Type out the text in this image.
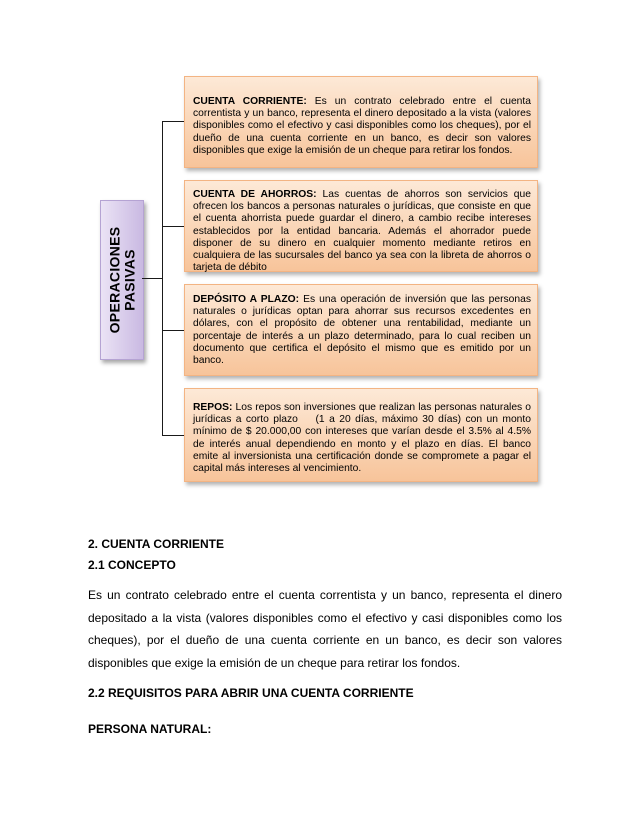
OPERACIONES
PASIVAS
CUENTA CORRIENTE: Es un contrato celebrado entre el cuenta correntista y un banco, representa el dinero depositado a la vista (valores disponibles como el efectivo y casi disponibles como los cheques), por el dueño de una cuenta corriente en un banco, es decir son valores disponibles que exige la emisión de un cheque para retirar los fondos.
CUENTA DE AHORROS: Las cuentas de ahorros son servicios que ofrecen los bancos a personas naturales o jurídicas, que consiste en que el cuenta ahorrista puede guardar el dinero, a cambio recibe intereses establecidos por la entidad bancaria. Además el ahorrador puede disponer de su dinero en cualquier momento mediante retiros en cualquiera de las sucursales del banco ya sea con la libreta de ahorros o tarjeta de débito
DEPÓSITO A PLAZO: Es una operación de inversión que las personas naturales o jurídicas optan para ahorrar sus recursos excedentes en dólares, con el propósito de obtener una rentabilidad, mediante un porcentaje de interés a un plazo determinado, para lo cual reciben un documento que certifica el depósito el mismo que es emitido por un banco.
REPOS: Los repos son inversiones que realizan las personas naturales o jurídicas a corto plazo    (1 a 20 días, máximo 30 días) con un monto mínimo de $ 20.000,00 con intereses que varían desde el 3.5% al 4.5% de interés anual dependiendo en monto y el plazo en días. El banco emite al inversionista una certificación donde se compromete a pagar el capital más intereses al vencimiento.
2. CUENTA CORRIENTE
2.1 CONCEPTO

Es un contrato celebrado entre el cuenta correntista y un banco, representa el dinero depositado a la vista (valores disponibles como el efectivo y casi disponibles como los cheques), por el dueño de una cuenta corriente en un banco, es decir son valores disponibles que exige la emisión de un cheque para retirar los fondos.

2.2 REQUISITOS PARA ABRIR UNA CUENTA CORRIENTE
PERSONA NATURAL:
